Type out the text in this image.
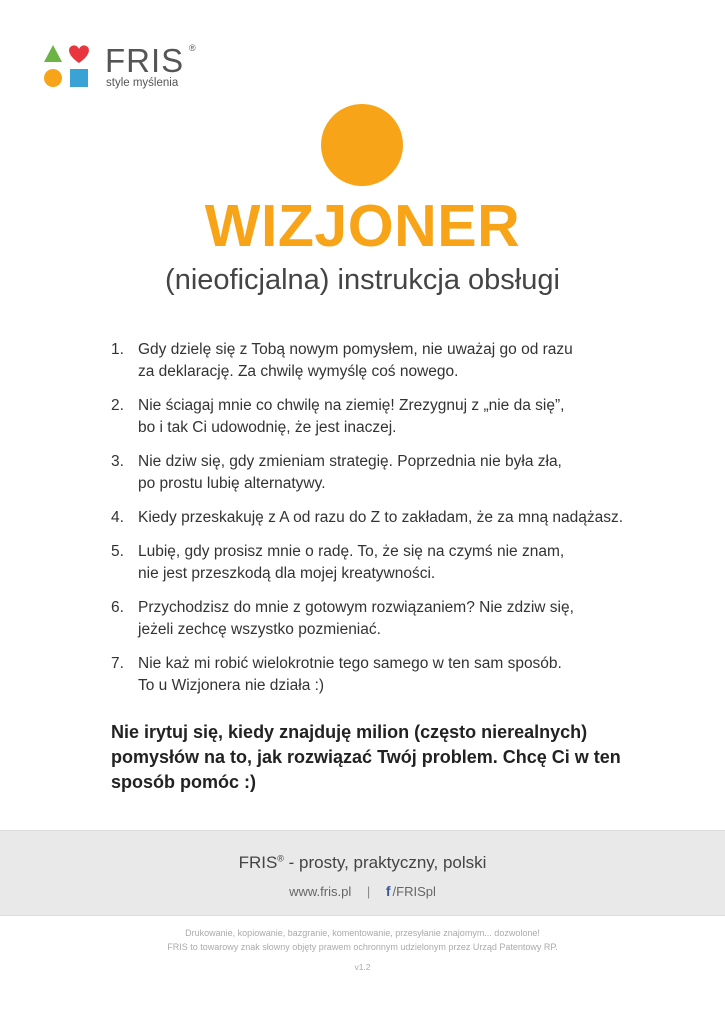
FRIS ®
style myślenia
WIZJONER
(nieoficjalna) instrukcja obsługi
1. Gdy dzielę się z Tobą nowym pomysłem, nie uważaj go od razu
za deklarację. Za chwilę wymyślę coś nowego.
2. Nie ściagaj mnie co chwilę na ziemię! Zrezygnuj z „nie da się”,
bo i tak Ci udowodnię, że jest inaczej.
3. Nie dziw się, gdy zmieniam strategię. Poprzednia nie była zła,
po prostu lubię alternatywy.
4. Kiedy przeskakuję z A od razu do Z to zakładam, że za mną nadążasz.
5. Lubię, gdy prosisz mnie o radę. To, że się na czymś nie znam,
nie jest przeszkodą dla mojej kreatywności.
6. Przychodzisz do mnie z gotowym rozwiązaniem? Nie zdziw się,
jeżeli zechcę wszystko pozmieniać.
7. Nie każ mi robić wielokrotnie tego samego w ten sam sposób.
To u Wizjonera nie działa :)

Nie irytuj się, kiedy znajduję milion (często nierealnych) pomysłów na to, jak rozwiązać Twój problem. Chcę Ci w ten sposób pomóc :)

FRIS® - prosty, praktyczny, polski
www.fris.pl | f /FRISpl
Drukowanie, kopiowanie, bazgranie, komentowanie, przesyłanie znajomym... dozwolone!
FRIS to towarowy znak słowny objęty prawem ochronnym udzielonym przez Urząd Patentowy RP.
v1.2
